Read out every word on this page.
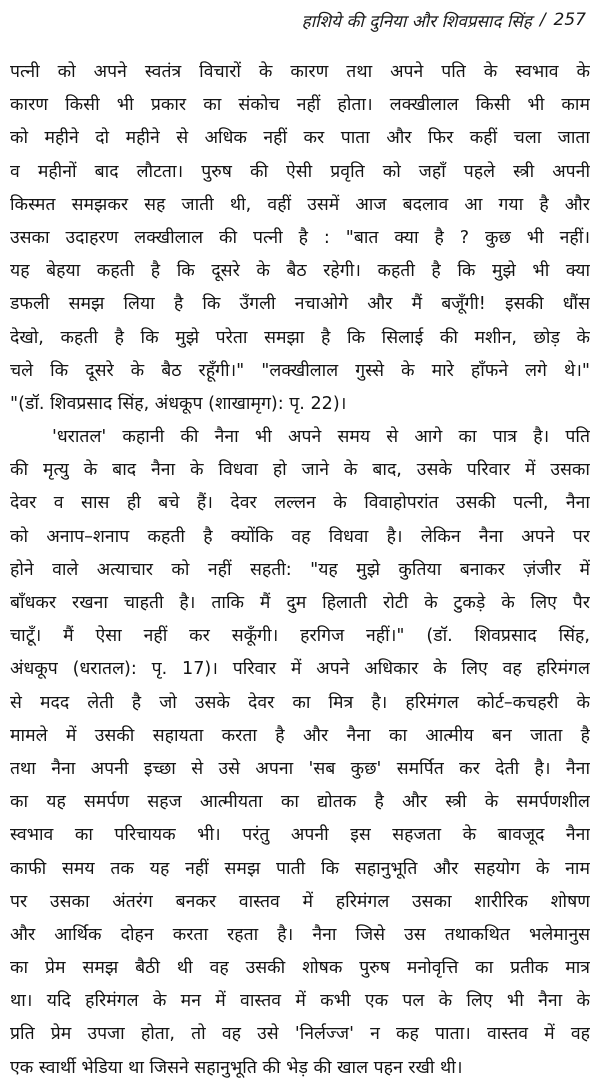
हाशिये की दुनिया और शिवप्रसाद सिंह / 257
पत्नी को अपने स्वतंत्र विचारों के कारण तथा अपने पति के स्वभाव के
कारण किसी भी प्रकार का संकोच नहीं होता। लक्खीलाल किसी भी काम
को महीने दो महीने से अधिक नहीं कर पाता और फिर कहीं चला जाता
व महीनों बाद लौटता। पुरुष की ऐसी प्रवृति को जहाँ पहले स्त्री अपनी
किस्मत समझकर सह जाती थी, वहीं उसमें आज बदलाव आ गया है और
उसका उदाहरण लक्खीलाल की पत्नी है : "बात क्या है ? कुछ भी नहीं।
यह बेहया कहती है कि दूसरे के बैठ रहेगी। कहती है कि मुझे भी क्या
डफली समझ लिया है कि उँगली नचाओगे और मैं बजूँगी! इसकी धौंस
देखो, कहती है कि मुझे परेता समझा है कि सिलाई की मशीन, छोड़ के
चले कि दूसरे के बैठ रहूँगी।" "लक्खीलाल गुस्से के मारे हाँफने लगे थे।"
"(डॉ. शिवप्रसाद सिंह, अंधकूप (शाखामृग): पृ. 22)।
'धरातल' कहानी की नैना भी अपने समय से आगे का पात्र है। पति
की मृत्यु के बाद नैना के विधवा हो जाने के बाद, उसके परिवार में उसका
देवर व सास ही बचे हैं। देवर लल्लन के विवाहोपरांत उसकी पत्नी, नैना
को अनाप–शनाप कहती है क्योंकि वह विधवा है। लेकिन नैना अपने पर
होने वाले अत्याचार को नहीं सहती: "यह मुझे कुतिया बनाकर ज़ंजीर में
बाँधकर रखना चाहती है। ताकि मैं दुम हिलाती रोटी के टुकड़े के लिए पैर
चाटूँ। मैं ऐसा नहीं कर सकूँगी। हरगिज नहीं।" (डॉ. शिवप्रसाद सिंह,
अंधकूप (धरातल): पृ. 17)। परिवार में अपने अधिकार के लिए वह हरिमंगल
से मदद लेती है जो उसके देवर का मित्र है। हरिमंगल कोर्ट–कचहरी के
मामले में उसकी सहायता करता है और नैना का आत्मीय बन जाता है
तथा नैना अपनी इच्छा से उसे अपना 'सब कुछ' समर्पित कर देती है। नैना
का यह समर्पण सहज आत्मीयता का द्योतक है और स्त्री के समर्पणशील
स्वभाव का परिचायक भी। परंतु अपनी इस सहजता के बावजूद नैना
काफी समय तक यह नहीं समझ पाती कि सहानुभूति और सहयोग के नाम
पर उसका अंतरंग बनकर वास्तव में हरिमंगल उसका शारीरिक शोषण
और आर्थिक दोहन करता रहता है। नैना जिसे उस तथाकथित भलेमानुस
का प्रेम समझ बैठी थी वह उसकी शोषक पुरुष मनोवृत्ति का प्रतीक मात्र
था। यदि हरिमंगल के मन में वास्तव में कभी एक पल के लिए भी नैना के
प्रति प्रेम उपजा होता, तो वह उसे 'निर्लज्ज' न कह पाता। वास्तव में वह
एक स्वार्थी भेडिया था जिसने सहानुभूति की भेड़ की खाल पहन रखी थी।
